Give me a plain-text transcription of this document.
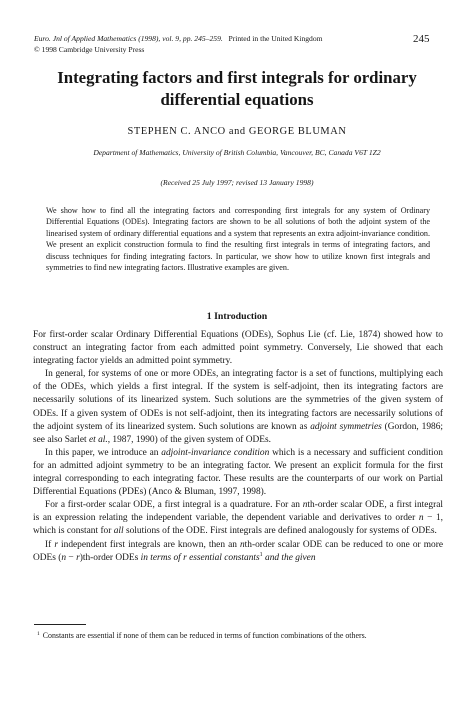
Euro. Jnl of Applied Mathematics (1998), vol. 9, pp. 245–259. Printed in the United Kingdom
© 1998 Cambridge University Press
245
Integrating factors and first integrals for ordinary
differential equations
STEPHEN C. ANCO and GEORGE BLUMAN
Department of Mathematics, University of British Columbia, Vancouver, BC, Canada V6T 1Z2
(Received 25 July 1997; revised 13 January 1998)
We show how to find all the integrating factors and corresponding first integrals for any system of Ordinary Differential Equations (ODEs). Integrating factors are shown to be all solutions of both the adjoint system of the linearised system of ordinary differential equations and a system that represents an extra adjoint-invariance condition. We present an explicit construction formula to find the resulting first integrals in terms of integrating factors, and discuss techniques for finding integrating factors. In particular, we show how to utilize known first integrals and symmetries to find new integrating factors. Illustrative examples are given.
1 Introduction

For first-order scalar Ordinary Differential Equations (ODEs), Sophus Lie (cf. Lie, 1874) showed how to construct an integrating factor from each admitted point symmetry. Conversely, Lie showed that each integrating factor yields an admitted point symmetry.

In general, for systems of one or more ODEs, an integrating factor is a set of functions, multiplying each of the ODEs, which yields a first integral. If the system is self-adjoint, then its integrating factors are necessarily solutions of its linearized system. Such solutions are the symmetries of the given system of ODEs. If a given system of ODEs is not self-adjoint, then its integrating factors are necessarily solutions of the adjoint system of its linearized system. Such solutions are known as adjoint symmetries (Gordon, 1986; see also Sarlet et al., 1987, 1990) of the given system of ODEs.

In this paper, we introduce an adjoint-invariance condition which is a necessary and sufficient condition for an admitted adjoint symmetry to be an integrating factor. We present an explicit formula for the first integral corresponding to each integrating factor. These results are the counterparts of our work on Partial Differential Equations (PDEs) (Anco & Bluman, 1997, 1998).

For a first-order scalar ODE, a first integral is a quadrature. For an nth-order scalar ODE, a first integral is an expression relating the independent variable, the dependent variable and derivatives to order n − 1, which is constant for all solutions of the ODE. First integrals are defined analogously for systems of ODEs.

If r independent first integrals are known, then an nth-order scalar ODE can be reduced to one or more ODEs (n − r)th-order ODEs in terms of r essential constants$^1$ and the given

$^1$ Constants are essential if none of them can be reduced in terms of function combinations of the others.
